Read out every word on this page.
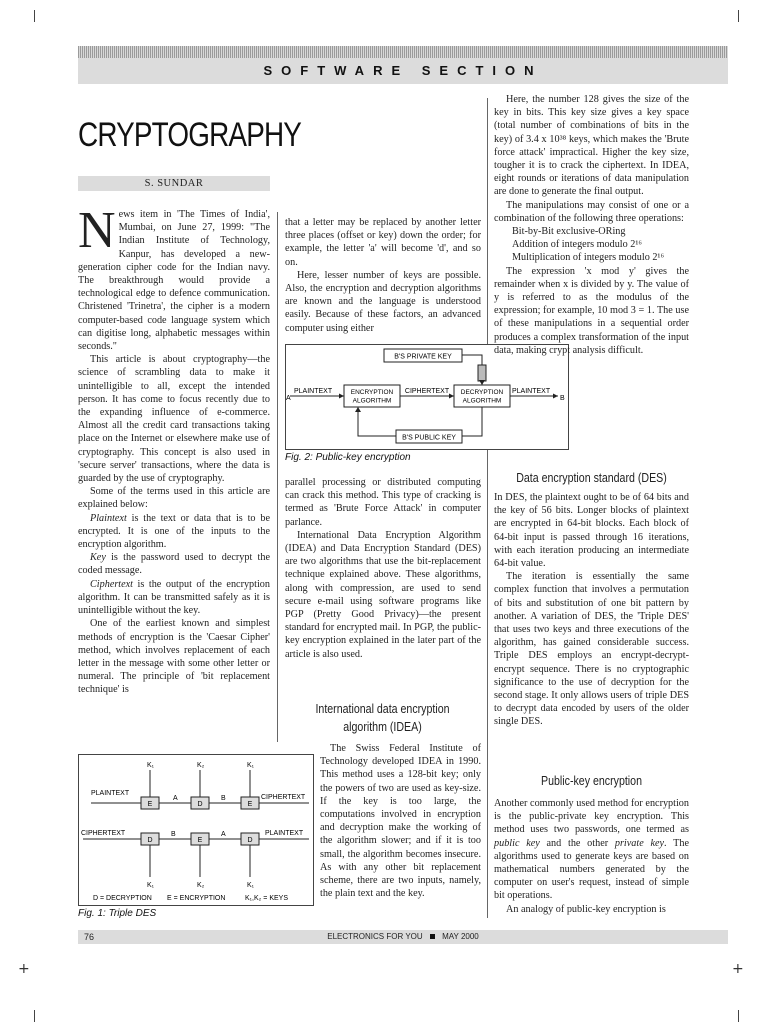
+	+
SOFTWARE SECTION
CRYPTOGRAPHY
S. SUNDAR

News item in 'The Times of India', Mumbai, on June 27, 1999: "The Indian Institute of Technology, Kanpur, has developed a new-generation cipher code for the Indian navy. The breakthrough would provide a technological edge to defence communication. Christened 'Trinetra', the cipher is a modern computer-based code language system which can digitise long, alphabetic messages within seconds."

This article is about cryptography—the science of scrambling data to make it unintelligible to all, except the intended person. It has come to focus recently due to the expanding influence of e-commerce. Almost all the credit card transactions taking place on the Internet or elsewhere make use of cryptography. This concept is also used in 'secure server' transactions, where the data is guarded by the use of cryptography.

Some of the terms used in this article are explained below:

Plaintext is the text or data that is to be encrypted. It is one of the inputs to the encryption algorithm.

Key is the password used to decrypt the coded message.

Ciphertext is the output of the encryption algorithm. It can be transmitted safely as it is unintelligible without the key.

One of the earliest known and simplest methods of encryption is the 'Caesar Cipher' method, which involves replacement of each letter in the message with some other letter or numeral. The principle of 'bit replacement technique' is

that a letter may be replaced by another letter three places (offset or key) down the order; for example, the letter 'a' will become 'd', and so on.

Here, lesser number of keys are possible. Also, the encryption and decryption algorithms are known and the language is understood easily. Because of these factors, an advanced computer using either

B'S PRIVATE KEY
ENCRYPTION
ALGORITHM
DECRYPTION
ALGORITHM
PLAINTEXT
A
CIPHERTEXT	PLAINTEXT
B
B'S PUBLIC KEY
Fig. 2: Public-key encryption

parallel processing or distributed computing can crack this method. This type of cracking is termed as 'Brute Force Attack' in computer parlance.

International Data Encryption Algorithm (IDEA) and Data Encryption Standard (DES) are two algorithms that use the bit-replacement technique explained above. These algorithms, along with compression, are used to send secure e-mail using software programs like PGP (Pretty Good Privacy)—the present standard for encrypted mail. In PGP, the public-key encryption explained in the later part of the article is also used.

International data encryption algorithm (IDEA)

The Swiss Federal Institute of Technology developed IDEA in 1990. This method uses a 128-bit key; only the powers of two are used as key-size. If the key is too large, the computations involved in encryption and decryption make the working of the algorithm slower; and if it is too small, the algorithm becomes insecure. As with any other bit replacement scheme, there are two inputs, namely, the plain text and the key.

K₁	K₂	K₁
PLAINTEXT
E
A
D
B
E
CIPHERTEXT
CIPHERTEXT
D
B
E
A
D
PLAINTEXT
K₁	K₂	K₁
D = DECRYPTION E = ENCRYPTION	K₁,K₂ = KEYS
Fig. 1: Triple DES

Here, the number 128 gives the size of the key in bits. This key size gives a key space (total number of combinations of bits in the key) of 3.4 x 10³⁸ keys, which makes the 'Brute force attack' impractical. Higher the key size, tougher it is to crack the ciphertext. In IDEA, eight rounds or iterations of data manipulation are done to generate the final output.

The manipulations may consist of one or a combination of the following three operations:

Bit-by-Bit exclusive-ORing

Addition of integers modulo 2¹⁶

Multiplication of integers modulo 2¹⁶

The expression 'x mod y' gives the remainder when x is divided by y. The value of y is referred to as the modulus of the expression; for example, 10 mod 3 = 1. The use of these manipulations in a sequential order produces a complex transformation of the input data, making crypt analysis difficult.

Data encryption standard (DES)

In DES, the plaintext ought to be of 64 bits and the key of 56 bits. Longer blocks of plaintext are encrypted in 64-bit blocks. Each block of 64-bit input is passed through 16 iterations, with each iteration producing an intermediate 64-bit value.

The iteration is essentially the same complex function that involves a permutation of bits and substitution of one bit pattern by another. A variation of DES, the 'Triple DES' that uses two keys and three executions of the algorithm, has gained considerable success. Triple DES employs an encrypt-decrypt-encrypt sequence. There is no cryptographic significance to the use of decryption for the second stage. It only allows users of triple DES to decrypt data encoded by users of the older single DES.

Public-key encryption

Another commonly used method for encryption is the public-private key encryption. This method uses two passwords, one termed as public key and the other private key. The algorithms used to generate keys are based on mathematical numbers generated by the computer on user's request, instead of simple bit operations.

An analogy of public-key encryption is

76	ELECTRONICS FOR YOU MAY 2000
